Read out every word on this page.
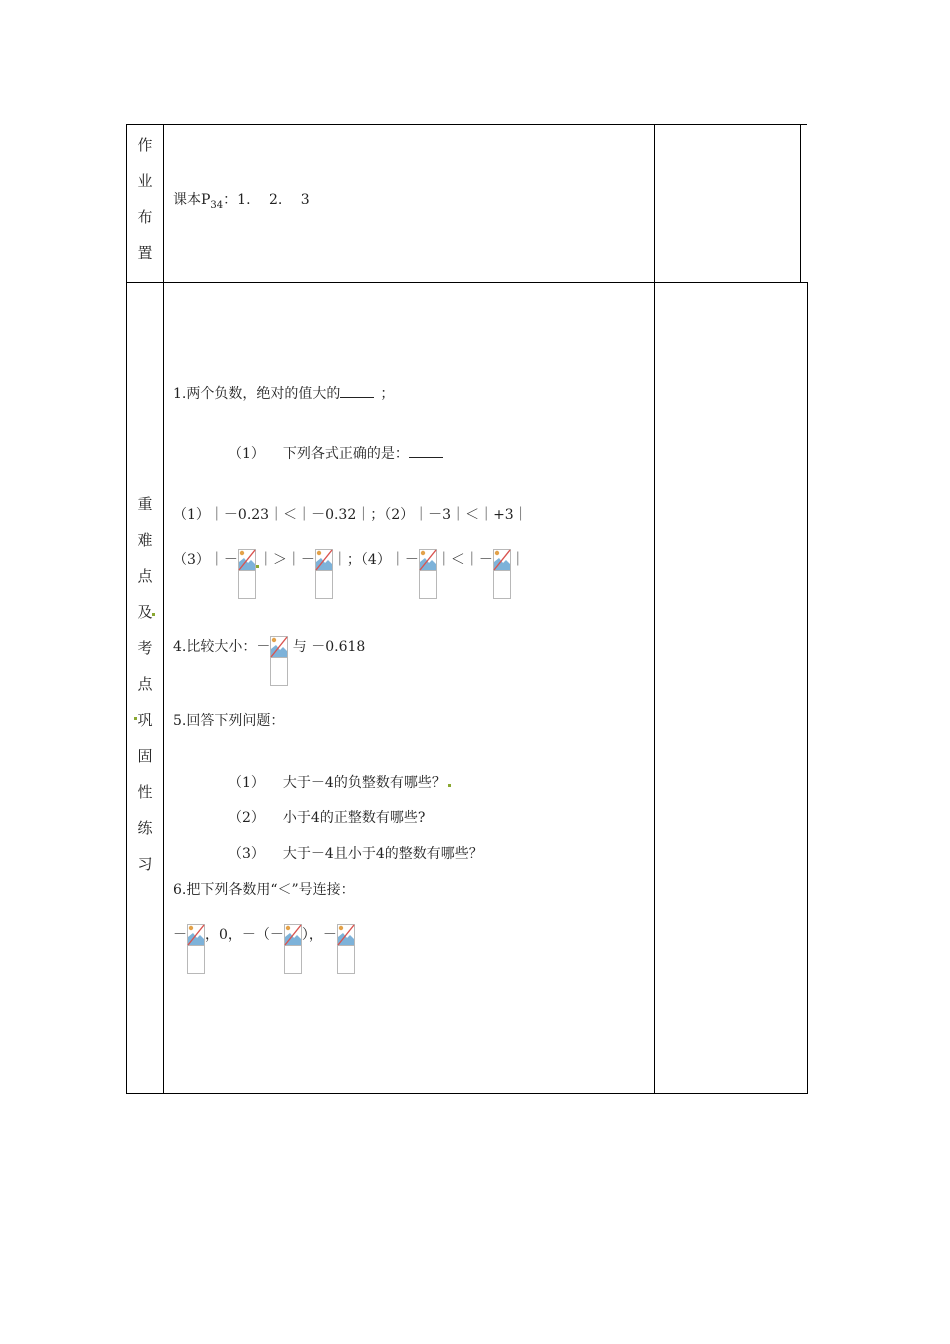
作
业
布
置
课本$P_{34}$：1.　 2.　 3
重
难
点
及
考
点
巩
固
性
练
习
1.两个负数，绝对的值大的	；
（1） 下列各式正确的是：
（1）｜－0.23｜＜｜－0.32｜；（2）｜－3｜＜｜+3｜
（3）｜－ ｜＞｜－ ｜；（4）｜－ ｜＜｜－ ｜
4.比较大小：－
与 －0.618
5.回答下列问题：
（1） 大于－4的负整数有哪些？
（2） 小于4的正整数有哪些?
（3） 大于－4且小于4的整数有哪些？
6.把下列各数用“＜”号连接：
－ ，0，－（－ ），－
